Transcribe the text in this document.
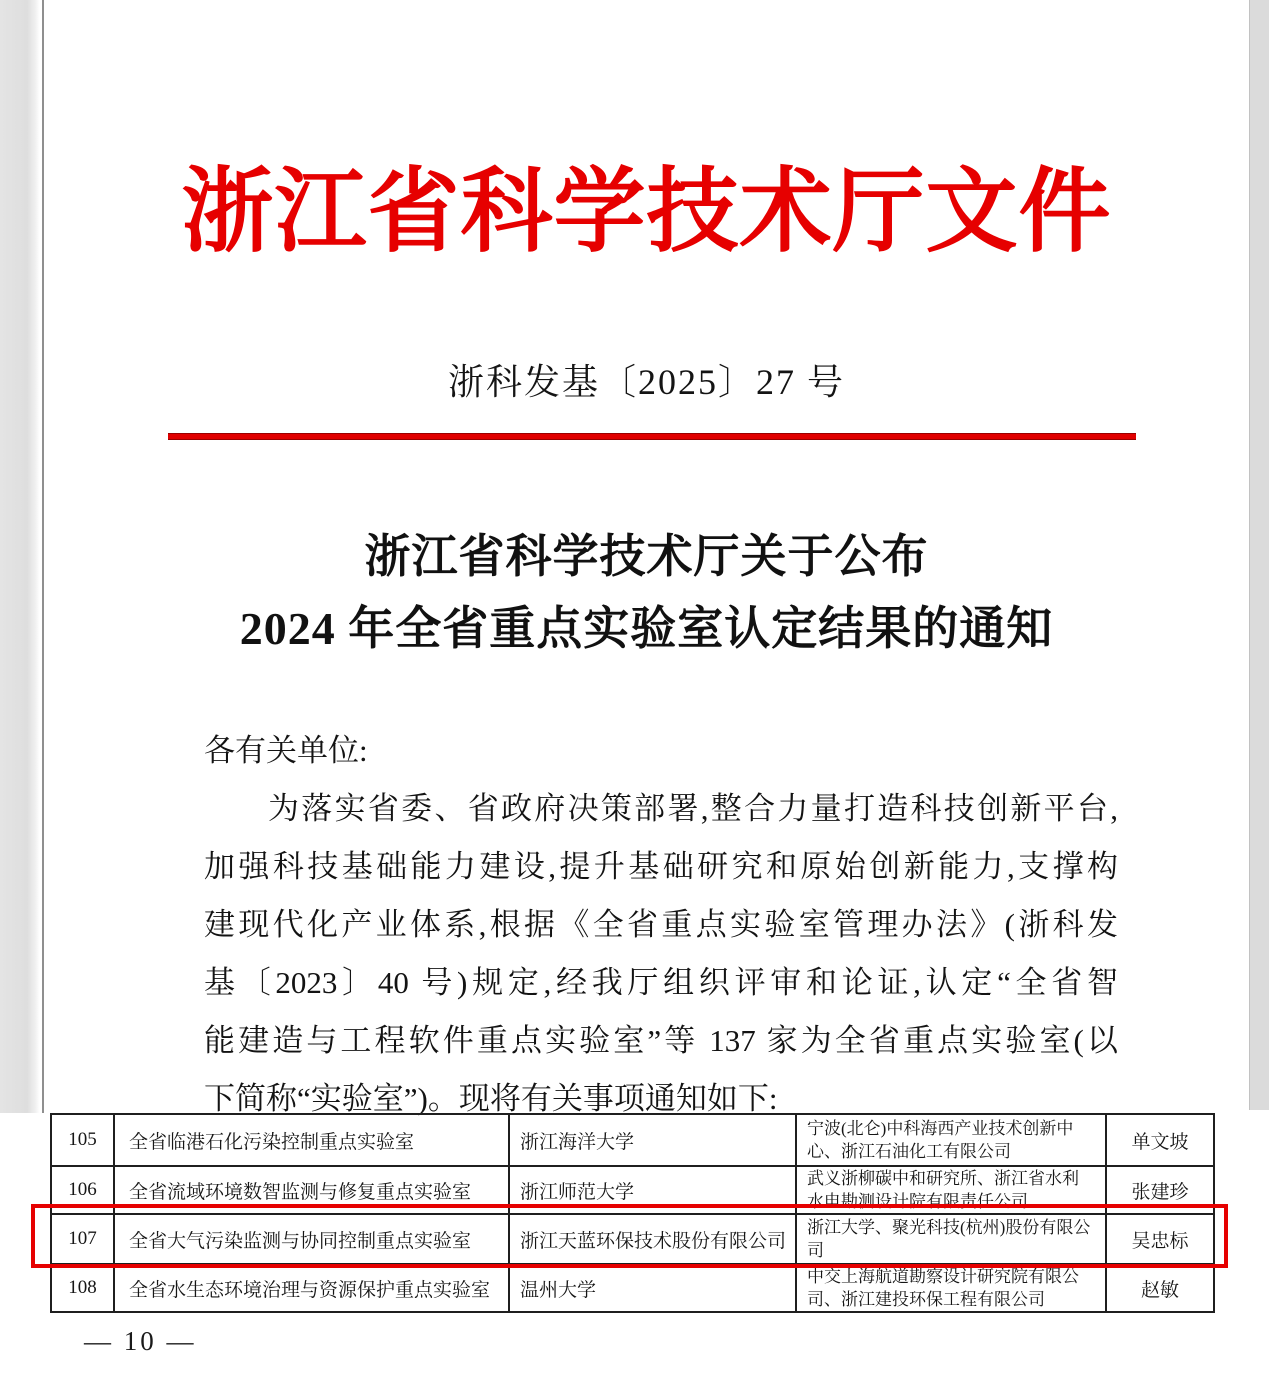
浙江省科学技术厅文件
浙科发基〔2025〕27 号
浙江省科学技术厅关于公布
2024 年全省重点实验室认定结果的通知
各有关单位:
为落实省委、省政府决策部署,整合力量打造科技创新平台,
加强科技基础能力建设,提升基础研究和原始创新能力,支撑构
建现代化产业体系,根据《全省重点实验室管理办法》(浙科发
基〔2023〕40 号)规定,经我厅组织评审和论证,认定“全省智
能建造与工程软件重点实验室”等 137 家为全省重点实验室(以
下简称“实验室”)。现将有关事项通知如下:
105	全省临港石化污染控制重点实验室	浙江海洋大学	宁波(北仑)中科海西产业技术创新中心、浙江石油化工有限公司	单文坡
106	全省流域环境数智监测与修复重点实验室	浙江师范大学	武义浙柳碳中和研究所、浙江省水利水电勘测设计院有限责任公司	张建珍
107	全省大气污染监测与协同控制重点实验室	浙江天蓝环保技术股份有限公司	浙江大学、聚光科技(杭州)股份有限公司	吴忠标
108	全省水生态环境治理与资源保护重点实验室	温州大学	中交上海航道勘察设计研究院有限公司、浙江建投环保工程有限公司	赵敏
— 10 —
